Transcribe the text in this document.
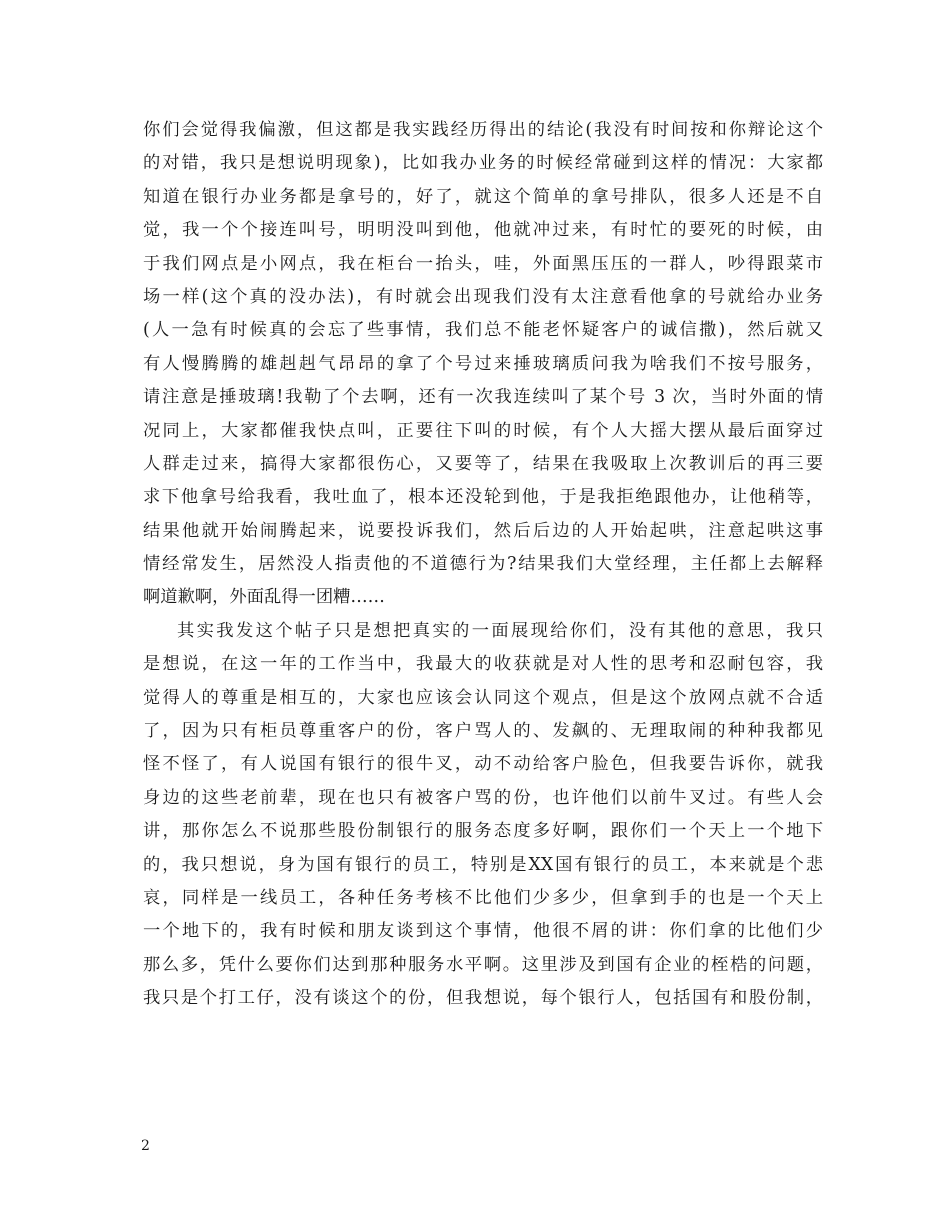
你们会觉得我偏激，但这都是我实践经历得出的结论(我没有时间按和你辩论这个
的对错，我只是想说明现象)，比如我办业务的时候经常碰到这样的情况：大家都
知道在银行办业务都是拿号的，好了，就这个简单的拿号排队，很多人还是不自
觉，我一个个接连叫号，明明没叫到他，他就冲过来，有时忙的要死的时候，由
于我们网点是小网点，我在柜台一抬头，哇，外面黑压压的一群人，吵得跟菜市
场一样(这个真的没办法)，有时就会出现我们没有太注意看他拿的号就给办业务
(人一急有时候真的会忘了些事情，我们总不能老怀疑客户的诚信撒)，然后就又
有人慢腾腾的雄赳赳气昂昂的拿了个号过来捶玻璃质问我为啥我们不按号服务，
请注意是捶玻璃!我勒了个去啊，还有一次我连续叫了某个号 3 次，当时外面的情
况同上，大家都催我快点叫，正要往下叫的时候，有个人大摇大摆从最后面穿过
人群走过来，搞得大家都很伤心，又要等了，结果在我吸取上次教训后的再三要
求下他拿号给我看，我吐血了，根本还没轮到他，于是我拒绝跟他办，让他稍等，
结果他就开始闹腾起来，说要投诉我们，然后后边的人开始起哄，注意起哄这事
情经常发生，居然没人指责他的不道德行为?结果我们大堂经理，主任都上去解释
啊道歉啊，外面乱得一团糟……
其实我发这个帖子只是想把真实的一面展现给你们，没有其他的意思，我只
是想说，在这一年的工作当中，我最大的收获就是对人性的思考和忍耐包容，我
觉得人的尊重是相互的，大家也应该会认同这个观点，但是这个放网点就不合适
了，因为只有柜员尊重客户的份，客户骂人的、发飙的、无理取闹的种种我都见
怪不怪了，有人说国有银行的很牛叉，动不动给客户脸色，但我要告诉你，就我
身边的这些老前辈，现在也只有被客户骂的份，也许他们以前牛叉过。有些人会
讲，那你怎么不说那些股份制银行的服务态度多好啊，跟你们一个天上一个地下
的，我只想说，身为国有银行的员工，特别是XX国有银行的员工，本来就是个悲
哀，同样是一线员工，各种任务考核不比他们少多少，但拿到手的也是一个天上
一个地下的，我有时候和朋友谈到这个事情，他很不屑的讲：你们拿的比他们少
那么多，凭什么要你们达到那种服务水平啊。这里涉及到国有企业的桎梏的问题，
我只是个打工仔，没有谈这个的份，但我想说，每个银行人，包括国有和股份制，
2
